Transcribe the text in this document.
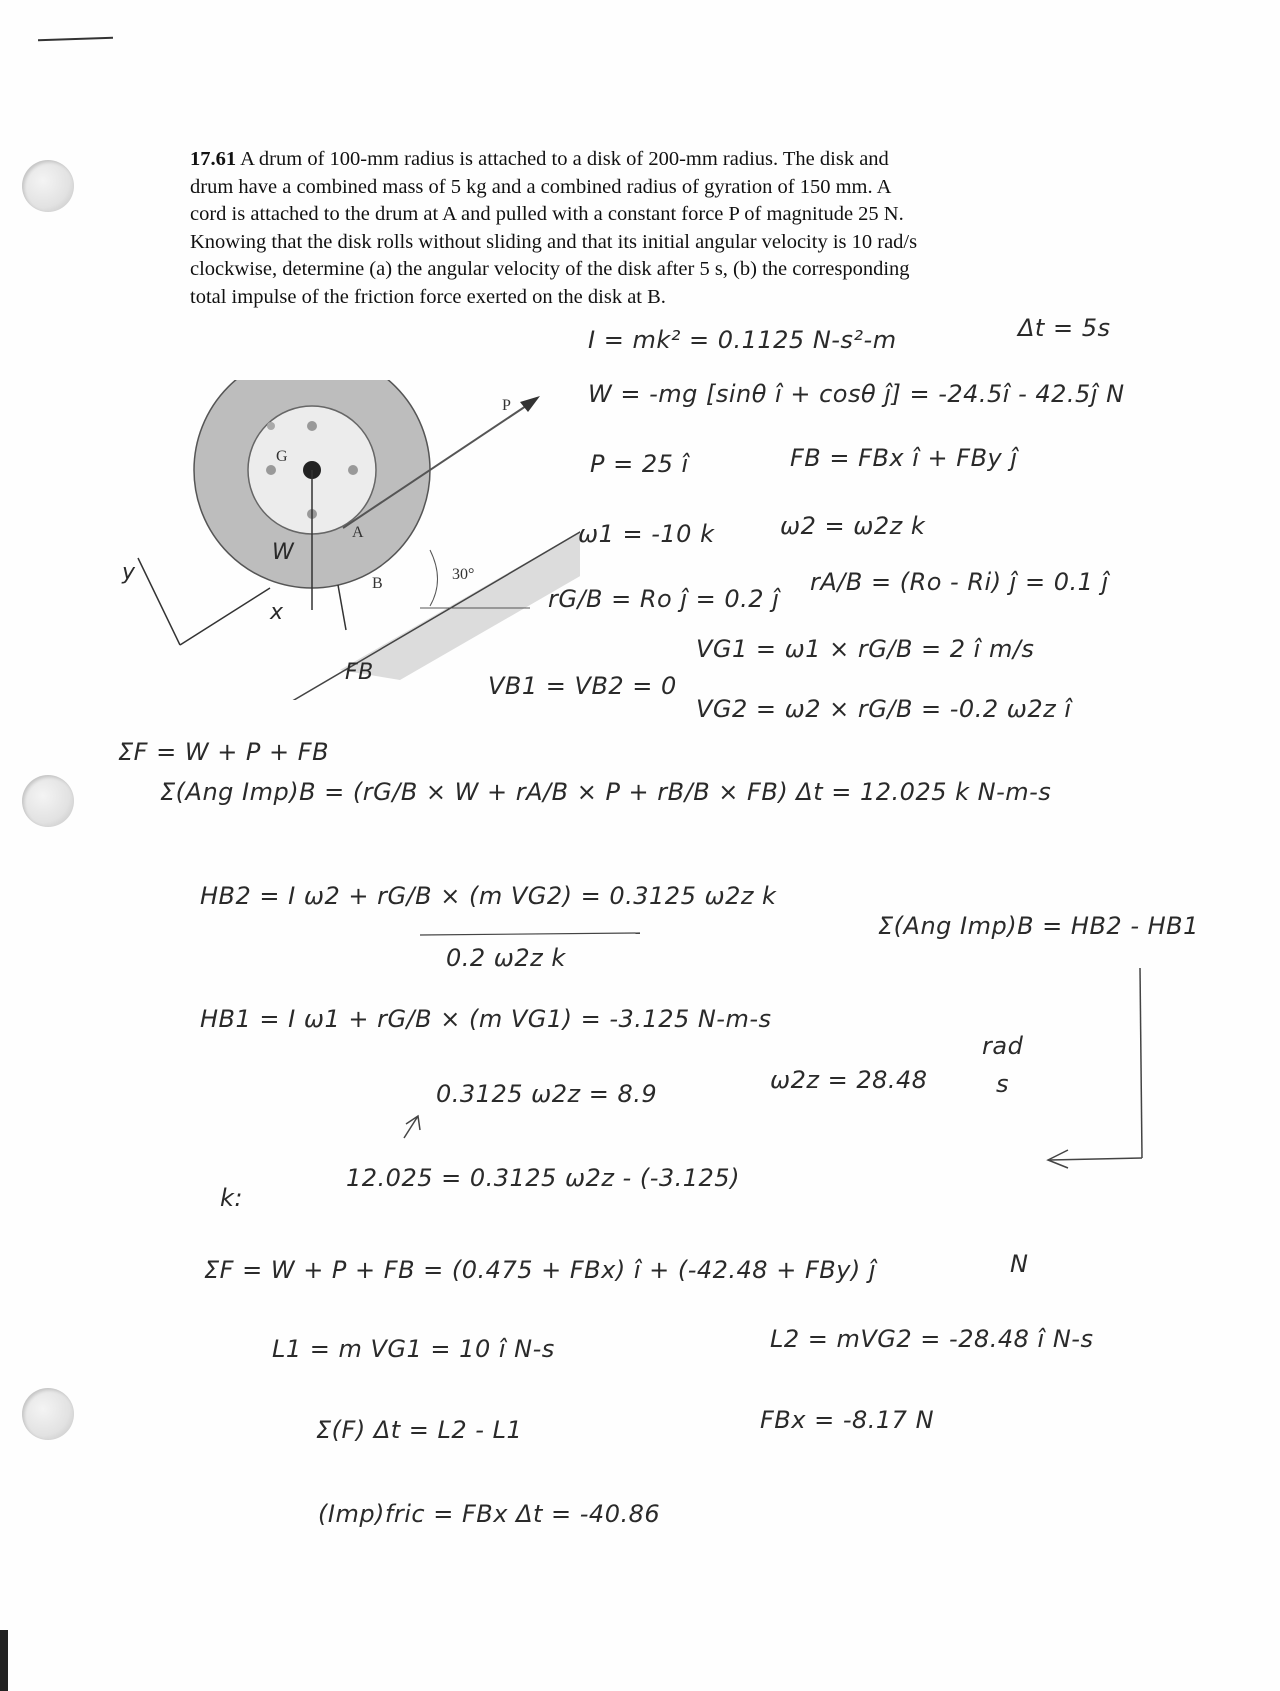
17.61 A drum of 100-mm radius is attached to a disk of 200-mm radius. The disk and

drum have a combined mass of 5 kg and a combined radius of gyration of 150 mm. A

cord is attached to the drum at A and pulled with a constant force P of magnitude 25 N.

Knowing that the disk rolls without sliding and that its initial angular velocity is 10 rad/s

clockwise, determine (a) the angular velocity of the disk after 5 s, (b) the corresponding

total impulse of the friction force exerted on the disk at B.

P
G
A
B
30°
W
FB
y
x
I = mk² = 0.1125 N-s²-m	Δt = 5s
W = -mg [sinθ î + cosθ ĵ] = -24.5î - 42.5ĵ N
P = 25 î	FB = FBx î + FBy ĵ
ω1 = -10 k	ω2 = ω2z k
rG/B = Ro ĵ = 0.2 ĵ
rA/B = (Ro - Ri) ĵ = 0.1 ĵ
VG1 = ω1 × rG/B = 2 î m/s
VB1 = VB2 = 0
VG2 = ω2 × rG/B = -0.2 ω2z î
ΣF = W + P + FB
Σ(Ang Imp)B = (rG/B × W + rA/B × P + rB/B × FB) Δt = 12.025 k N-m-s
HB2 = I ω2 + rG/B × (m VG2) = 0.3125 ω2z k
Σ(Ang Imp)B = HB2 - HB1
0.2 ω2z k
HB1 = I ω1 + rG/B × (m VG1) = -3.125 N-m-s
0.3125 ω2z = 8.9	ω2z = 28.48
rad
s
k:
12.025 = 0.3125 ω2z - (-3.125)
ΣF = W + P + FB = (0.475 + FBx) î + (-42.48 + FBy) ĵ	N
L1 = m VG1 = 10 î N-s	L2 = mVG2 = -28.48 î N-s
Σ(F) Δt = L2 - L1	FBx = -8.17 N
(Imp)fric = FBx Δt = -40.86
